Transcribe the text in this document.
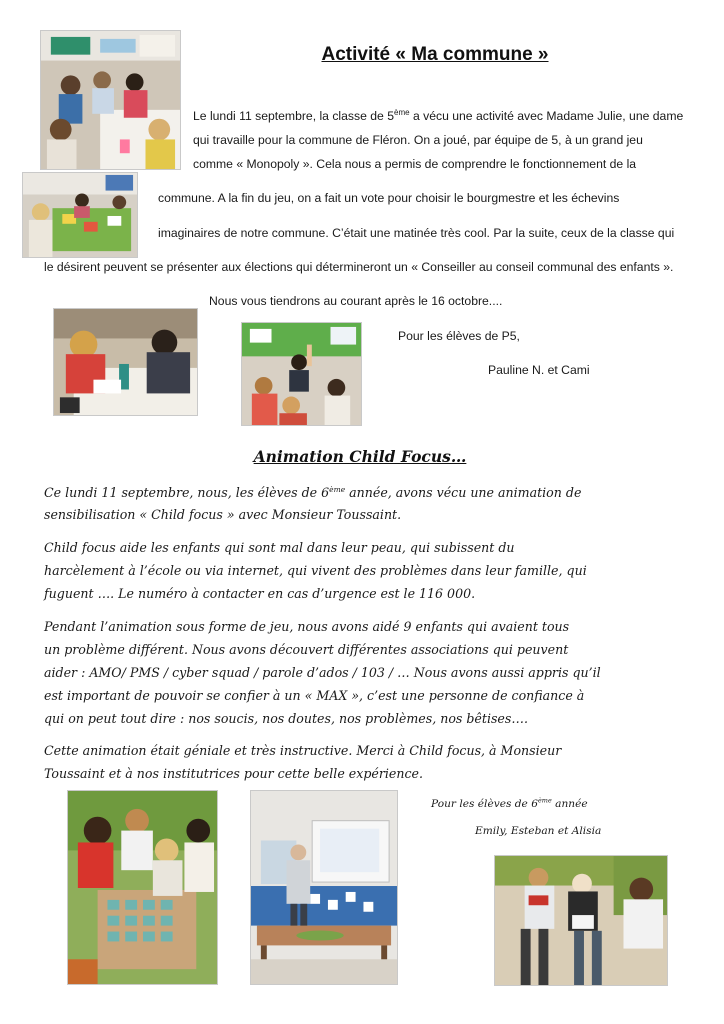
Activité « Ma commune »
Le lundi 11 septembre, la classe de 5ème a vécu une activité avec Madame Julie, une dame
qui travaille pour la commune de Fléron. On a joué, par équipe de 5, à un grand jeu
comme « Monopoly ». Cela nous a permis de comprendre le fonctionnement de la
commune. A la fin du jeu, on a fait un vote pour choisir le bourgmestre et les échevins
imaginaires de notre commune. C’était une matinée très cool. Par la suite, ceux de la classe qui
le désirent peuvent se présenter aux élections qui détermineront un « Conseiller au conseil communal des enfants ».
Nous vous tiendrons au courant après le 16 octobre....
Pour les élèves de P5,
Pauline N. et Cami
Animation Child Focus…
Ce lundi 11 septembre, nous, les élèves de 6ème année, avons vécu une animation de
sensibilisation « Child focus » avec Monsieur Toussaint.
Child focus aide les enfants qui sont mal dans leur peau, qui subissent du
harcèlement à l’école ou via internet, qui vivent des problèmes dans leur famille, qui
fuguent …. Le numéro à contacter en cas d’urgence est le 116 000.
Pendant l’animation sous forme de jeu, nous avons aidé 9 enfants qui avaient tous
un problème différent. Nous avons découvert différentes associations qui peuvent
aider : AMO/ PMS / cyber squad / parole d’ados / 103 / … Nous avons aussi appris qu’il
est important de pouvoir se confier à un « MAX », c’est une personne de confiance à
qui on peut tout dire : nos soucis, nos doutes, nos problèmes, nos bêtises….
Cette animation était géniale et très instructive. Merci à Child focus, à Monsieur
Toussaint et à nos institutrices pour cette belle expérience.
Pour les élèves de 6ème année
Emily, Esteban et Alisia
